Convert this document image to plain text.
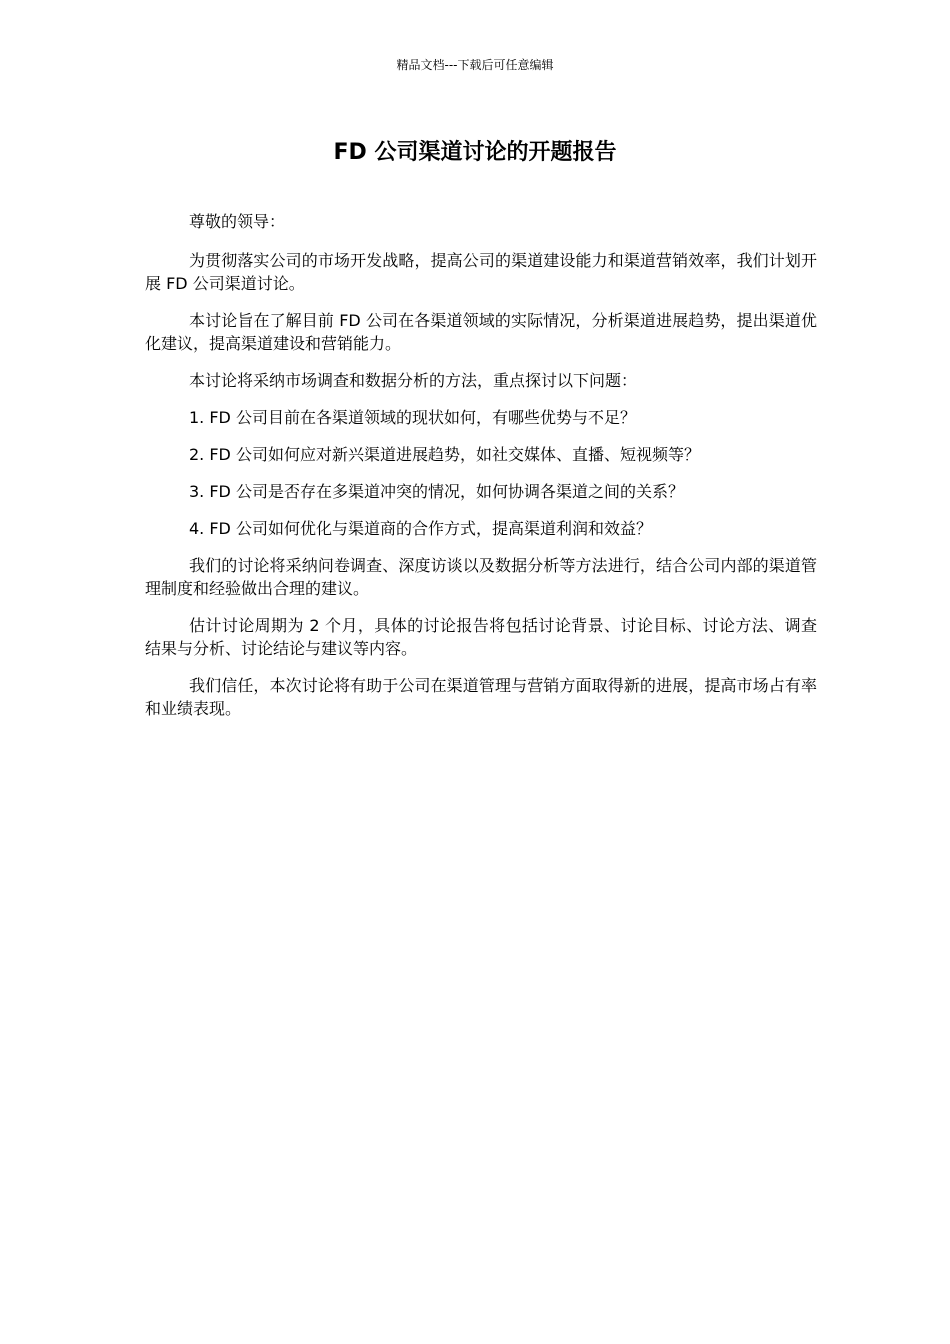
精品文档---下载后可任意编辑
FD 公司渠道讨论的开题报告

尊敬的领导：

为贯彻落实公司的市场开发战略，提高公司的渠道建设能力和渠道营销效率，我们计划开展 FD 公司渠道讨论。

本讨论旨在了解目前 FD 公司在各渠道领域的实际情况，分析渠道进展趋势，提出渠道优化建议，提高渠道建设和营销能力。

本讨论将采纳市场调查和数据分析的方法，重点探讨以下问题：

1. FD 公司目前在各渠道领域的现状如何，有哪些优势与不足？

2. FD 公司如何应对新兴渠道进展趋势，如社交媒体、直播、短视频等？

3. FD 公司是否存在多渠道冲突的情况，如何协调各渠道之间的关系？

4. FD 公司如何优化与渠道商的合作方式，提高渠道利润和效益？

我们的讨论将采纳问卷调查、深度访谈以及数据分析等方法进行，结合公司内部的渠道管理制度和经验做出合理的建议。

估计讨论周期为 2 个月，具体的讨论报告将包括讨论背景、讨论目标、讨论方法、调查结果与分析、讨论结论与建议等内容。

我们信任，本次讨论将有助于公司在渠道管理与营销方面取得新的进展，提高市场占有率和业绩表现。
